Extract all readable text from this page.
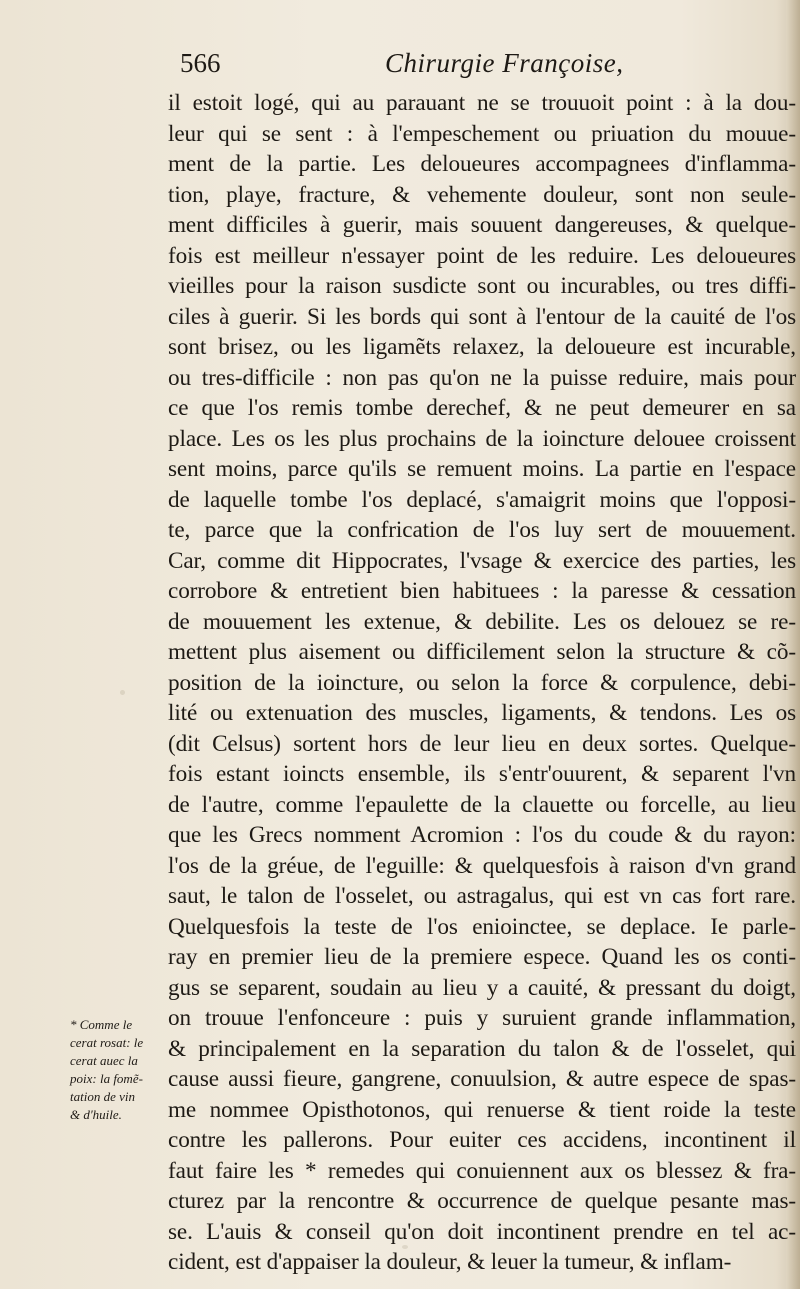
566	Chirurgie Françoise,
il estoit logé, qui au parauant ne se trouuoit point : à la dou-
leur qui se sent : à l'empeschement ou priuation du mouue-
ment de la partie. Les deloueures accompagnees d'inflamma-
tion, playe, fracture, & vehemente douleur, sont non seule-
ment difficiles à guerir, mais souuent dangereuses, & quelque-
fois est meilleur n'essayer point de les reduire. Les deloueures
vieilles pour la raison susdicte sont ou incurables, ou tres diffi-
ciles à guerir. Si les bords qui sont à l'entour de la cauité de l'os
sont brisez, ou les ligamẽts relaxez, la deloueure est incurable,
ou tres-difficile : non pas qu'on ne la puisse reduire, mais pour
ce que l'os remis tombe derechef, & ne peut demeurer en sa
place. Les os les plus prochains de la ioincture delouee croissent
sent moins, parce qu'ils se remuent moins. La partie en l'espace
de laquelle tombe l'os deplacé, s'amaigrit moins que l'opposi-
te, parce que la confrication de l'os luy sert de mouuement.
Car, comme dit Hippocrates, l'vsage & exercice des parties, les
corrobore & entretient bien habituees : la paresse & cessation
de mouuement les extenue, & debilite. Les os delouez se re-
mettent plus aisement ou difficilement selon la structure & cõ-
position de la ioincture, ou selon la force & corpulence, debi-
lité ou extenuation des muscles, ligaments, & tendons. Les os
(dit Celsus) sortent hors de leur lieu en deux sortes. Quelque-
fois estant ioincts ensemble, ils s'entr'ouurent, & separent l'vn
de l'autre, comme l'epaulette de la clauette ou forcelle, au lieu
que les Grecs nomment Acromion : l'os du coude & du rayon:
l'os de la gréue, de l'eguille: & quelquesfois à raison d'vn grand
saut, le talon de l'osselet, ou astragalus, qui est vn cas fort rare.
Quelquesfois la teste de l'os enioinctee, se deplace. Ie parle-
ray en premier lieu de la premiere espece. Quand les os conti-
gus se separent, soudain au lieu y a cauité, & pressant du doigt,
on trouue l'enfonceure : puis y suruient grande inflammation,
& principalement en la separation du talon & de l'osselet, qui
cause aussi fieure, gangrene, conuulsion, & autre espece de spas-
me nommee Opisthotonos, qui renuerse & tient roide la teste
contre les pallerons. Pour euiter ces accidens, incontinent il
faut faire les * remedes qui conuiennent aux os blessez & fra-
cturez par la rencontre & occurrence de quelque pesante mas-
se. L'auis & conseil qu'on doit incontinent prendre en tel ac-
cident, est d'appaiser la douleur, & leuer la tumeur, & inflam-
* Comme le
cerat rosat: le
cerat auec la
poix: la fomẽ-
tation de vin
& d'huile.
